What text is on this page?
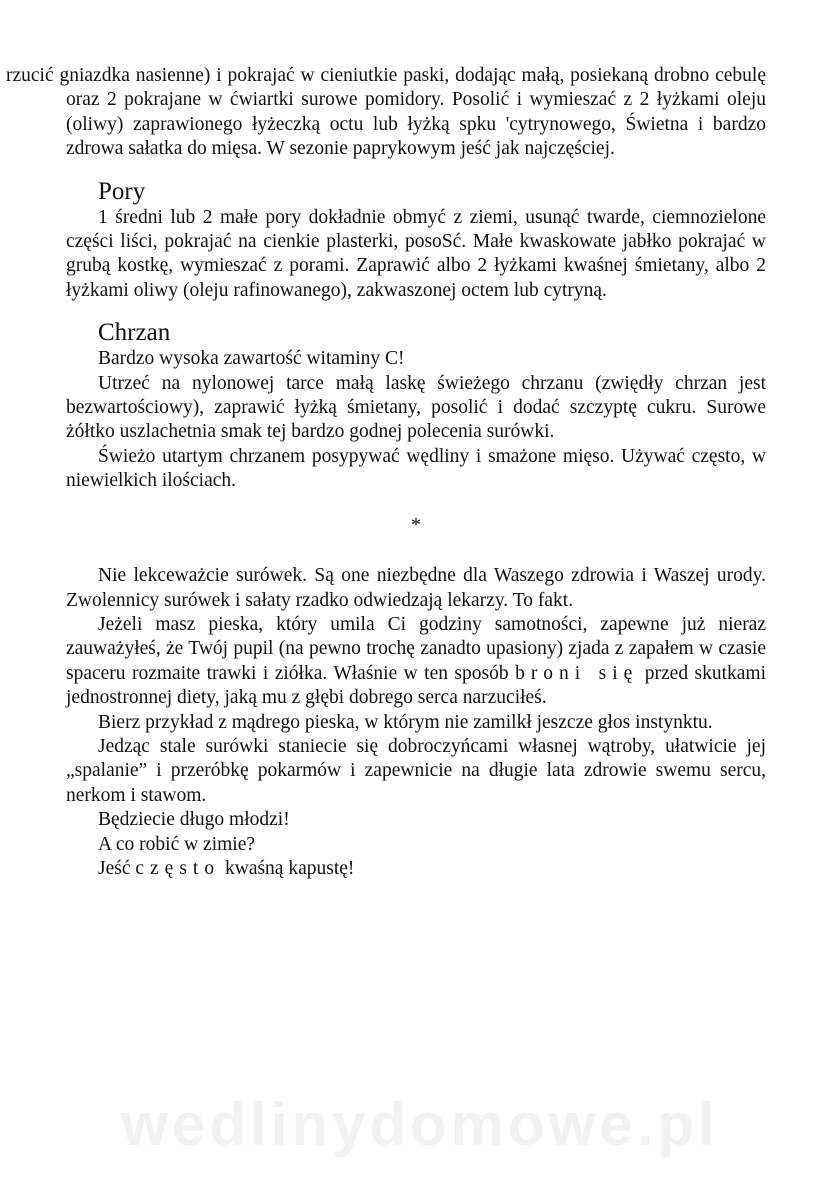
rzucić gniazdka nasienne) i pokrajać w cieniutkie paski, dodając małą, posiekaną drobno cebulę oraz 2 pokrajane w ćwiartki surowe pomidory. Posolić i wymieszać z 2 łyżkami oleju (oliwy) zaprawionego łyżeczką octu lub łyżką spku 'cytrynowego, Świetna i bardzo zdrowa sałatka do mięsa. W sezonie paprykowym jeść jak najczęściej.

Pory

1 średni lub 2 małe pory dokładnie obmyć z ziemi, usunąć twarde, ciemnozielone części liści, pokrajać na cienkie plasterki, posoSć. Małe kwaskowate jabłko pokrajać w grubą kostkę, wymieszać z porami. Zaprawić albo 2 łyżkami kwaśnej śmietany, albo 2 łyżkami oliwy (oleju rafinowanego), zakwaszonej octem lub cytryną.

Chrzan

Bardzo wysoka zawartość witaminy C!

Utrzeć na nylonowej tarce małą laskę świeżego chrzanu (zwiędły chrzan jest bezwartościowy), zaprawić łyżką śmietany, posolić i dodać szczyptę cukru. Surowe żółtko uszlachetnia smak tej bardzo godnej polecenia surówki.

Świeżo utartym chrzanem posypywać wędliny i smażone mięso. Używać często, w niewielkich ilościach.

*

Nie lekceważcie surówek. Są one niezbędne dla Waszego zdrowia i Waszej urody. Zwolennicy surówek i sałaty rzadko odwiedzają lekarzy. To fakt.

Jeżeli masz pieska, który umila Ci godziny samotności, zapewne już nieraz zauważyłeś, że Twój pupil (na pewno trochę zanadto upasiony) zjada z zapałem w czasie spaceru rozmaite trawki i ziółka. Właśnie w ten sposób broni się przed skutkami jednostronnej diety, jaką mu z głębi dobrego serca narzuciłeś.

Bierz przykład z mądrego pieska, w którym nie zamilkł jeszcze głos instynktu.

Jedząc stale surówki staniecie się dobroczyńcami własnej wątroby, ułatwicie jej „spalanie” i przeróbkę pokarmów i zapewnicie na długie lata zdrowie swemu sercu, nerkom i stawom.

Będziecie długo młodzi!

A co robić w zimie?

Jeść często kwaśną kapustę!

wedlinydomowe.pl
